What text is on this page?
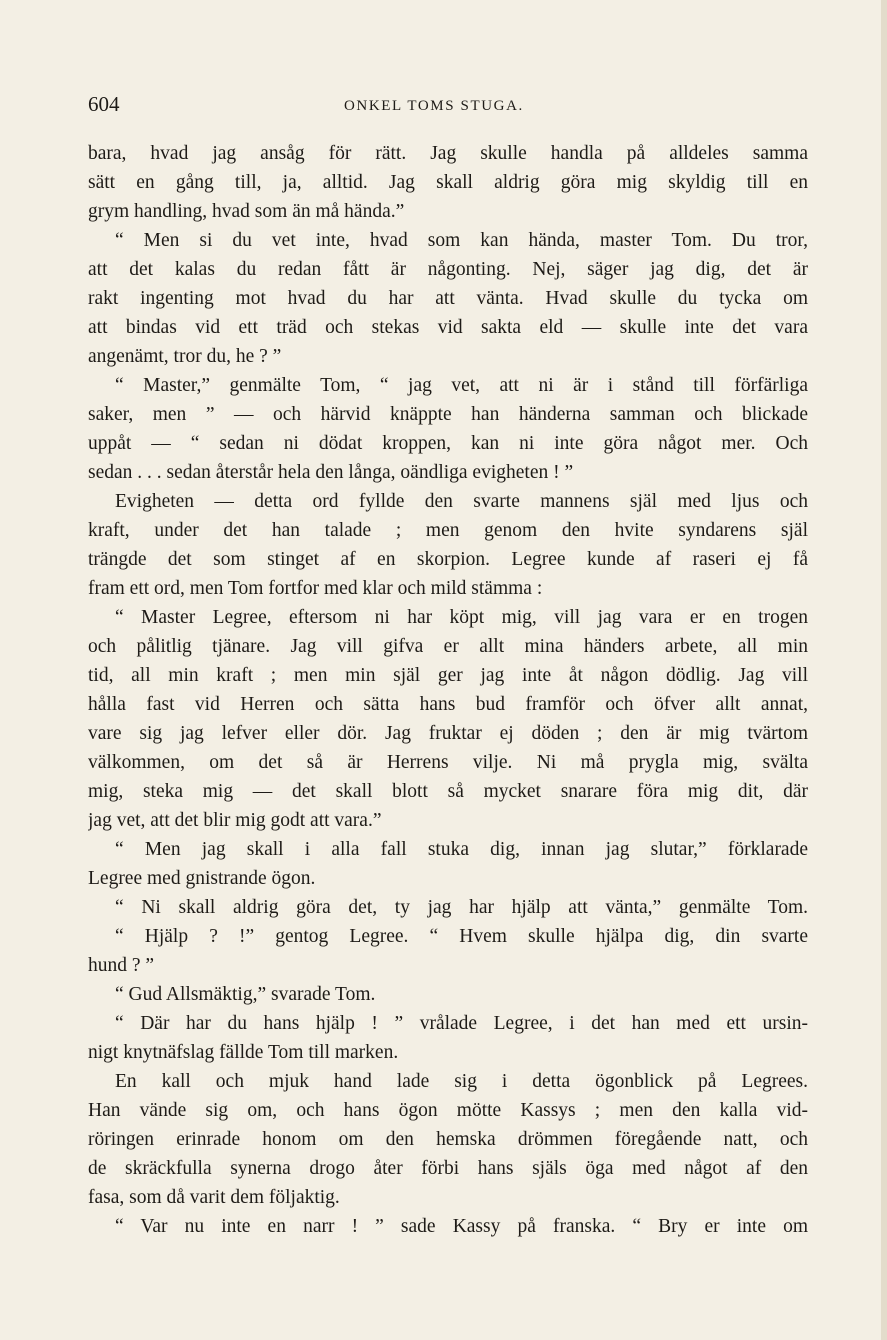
604	ONKEL TOMS STUGA.
bara, hvad jag ansåg för rätt. Jag skulle handla på alldeles samma
sätt en gång till, ja, alltid. Jag skall aldrig göra mig skyldig till en
grym handling, hvad som än må hända.”
“ Men si du vet inte, hvad som kan hända, master Tom. Du tror,
att det kalas du redan fått är någonting. Nej, säger jag dig, det är
rakt ingenting mot hvad du har att vänta. Hvad skulle du tycka om
att bindas vid ett träd och stekas vid sakta eld — skulle inte det vara
angenämt, tror du, he ? ”
“ Master,” genmälte Tom, “ jag vet, att ni är i stånd till förfärliga
saker, men ” — och härvid knäppte han händerna samman och blickade
uppåt — “ sedan ni dödat kroppen, kan ni inte göra något mer. Och
sedan . . . sedan återstår hela den långa, oändliga evigheten ! ”
Evigheten — detta ord fyllde den svarte mannens själ med ljus och
kraft, under det han talade ; men genom den hvite syndarens själ
trängde det som stinget af en skorpion. Legree kunde af raseri ej få
fram ett ord, men Tom fortfor med klar och mild stämma :
“ Master Legree, eftersom ni har köpt mig, vill jag vara er en trogen
och pålitlig tjänare. Jag vill gifva er allt mina händers arbete, all min
tid, all min kraft ; men min själ ger jag inte åt någon dödlig. Jag vill
hålla fast vid Herren och sätta hans bud framför och öfver allt annat,
vare sig jag lefver eller dör. Jag fruktar ej döden ; den är mig tvärtom
välkommen, om det så är Herrens vilje. Ni må prygla mig, svälta
mig, steka mig — det skall blott så mycket snarare föra mig dit, där
jag vet, att det blir mig godt att vara.”
“ Men jag skall i alla fall stuka dig, innan jag slutar,” förklarade
Legree med gnistrande ögon.
“ Ni skall aldrig göra det, ty jag har hjälp att vänta,” genmälte Tom.
“ Hjälp ? !” gentog Legree. “ Hvem skulle hjälpa dig, din svarte
hund ? ”
“ Gud Allsmäktig,” svarade Tom.
“ Där har du hans hjälp ! ” vrålade Legree, i det han med ett ursin-
nigt knytnäfslag fällde Tom till marken.
En kall och mjuk hand lade sig i detta ögonblick på Legrees.
Han vände sig om, och hans ögon mötte Kassys ; men den kalla vid-
röringen erinrade honom om den hemska drömmen föregående natt, och
de skräckfulla synerna drogo åter förbi hans själs öga med något af den
fasa, som då varit dem följaktig.
“ Var nu inte en narr ! ” sade Kassy på franska. “ Bry er inte om
